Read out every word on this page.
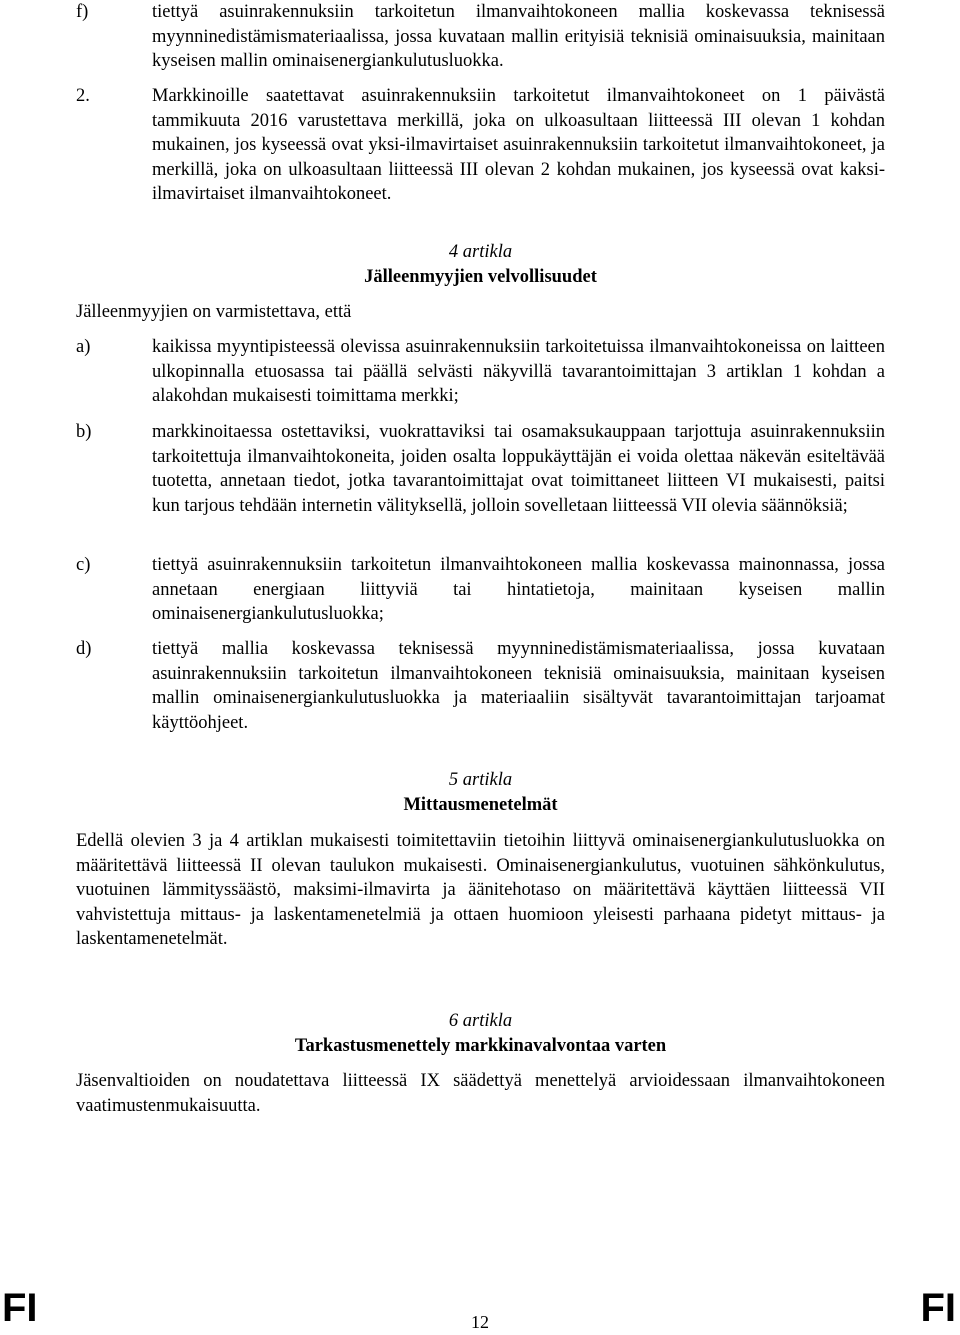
f)	tiettyä asuinrakennuksiin tarkoitetun ilmanvaihtokoneen mallia koskevassa teknisessä myynninedistämismateriaalissa, jossa kuvataan mallin erityisiä teknisiä ominaisuuksia, mainitaan kyseisen mallin ominaisenergiankulutusluokka.
2.	Markkinoille saatettavat asuinrakennuksiin tarkoitetut ilmanvaihtokoneet on 1 päivästä tammikuuta 2016 varustettava merkillä, joka on ulkoasultaan liitteessä III olevan 1 kohdan mukainen, jos kyseessä ovat yksi-ilmavirtaiset asuinrakennuksiin tarkoitetut ilmanvaihtokoneet, ja merkillä, joka on ulkoasultaan liitteessä III olevan 2 kohdan mukainen, jos kyseessä ovat kaksi-ilmavirtaiset ilmanvaihtokoneet.
4 artikla
Jälleenmyyjien velvollisuudet
Jälleenmyyjien on varmistettava, että
a)	kaikissa myyntipisteessä olevissa asuinrakennuksiin tarkoitetuissa ilmanvaihtokoneissa on laitteen ulkopinnalla etuosassa tai päällä selvästi näkyvillä tavarantoimittajan 3 artiklan 1 kohdan a alakohdan mukaisesti toimittama merkki;
b)	markkinoitaessa ostettaviksi, vuokrattaviksi tai osamaksukauppaan tarjottuja asuinrakennuksiin tarkoitettuja ilmanvaihtokoneita, joiden osalta loppukäyttäjän ei voida olettaa näkevän esiteltävää tuotetta, annetaan tiedot, jotka tavarantoimittajat ovat toimittaneet liitteen VI mukaisesti, paitsi kun tarjous tehdään internetin välityksellä, jolloin sovelletaan liitteessä VII olevia säännöksiä;
c)	tiettyä asuinrakennuksiin tarkoitetun ilmanvaihtokoneen mallia koskevassa mainonnassa, jossa annetaan energiaan liittyviä tai hintatietoja, mainitaan kyseisen mallin ominaisenergiankulutusluokka;
d)	tiettyä mallia koskevassa teknisessä myynninedistämismateriaalissa, jossa kuvataan asuinrakennuksiin tarkoitetun ilmanvaihtokoneen teknisiä ominaisuuksia, mainitaan kyseisen mallin ominaisenergiankulutusluokka ja materiaaliin sisältyvät tavarantoimittajan tarjoamat käyttöohjeet.
5 artikla
Mittausmenetelmät
Edellä olevien 3 ja 4 artiklan mukaisesti toimitettaviin tietoihin liittyvä ominaisenergiankulutusluokka on määritettävä liitteessä II olevan taulukon mukaisesti. Ominaisenergiankulutus, vuotuinen sähkönkulutus, vuotuinen lämmityssäästö, maksimi-ilmavirta ja äänitehotaso on määritettävä käyttäen liitteessä VII vahvistettuja mittaus- ja laskentamenetelmiä ja ottaen huomioon yleisesti parhaana pidetyt mittaus- ja laskentamenetelmät.
6 artikla
Tarkastusmenettely markkinavalvontaa varten
Jäsenvaltioiden on noudatettava liitteessä IX säädettyä menettelyä arvioidessaan ilmanvaihtokoneen vaatimustenmukaisuutta.
FI	12	FI
